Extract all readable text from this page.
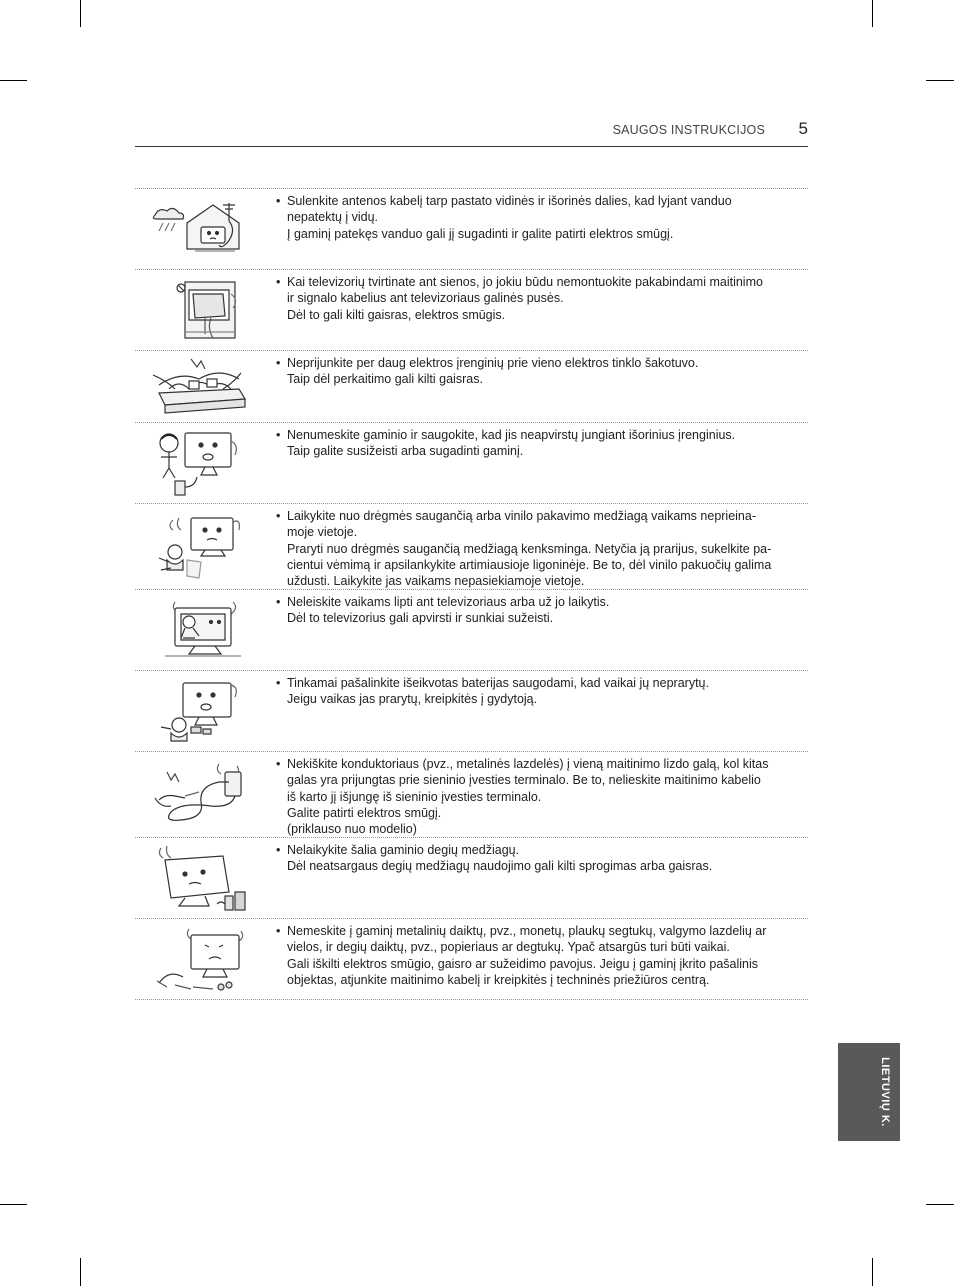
SAUGOS INSTRUKCIJOS 5
• Sulenkite antenos kabelį tarp pastato vidinės ir išorinės dalies, kad lyjant vanduo
nepatektų į vidų.
Į gaminį patekęs vanduo gali jį sugadinti ir galite patirti elektros smūgį.
• Kai televizorių tvirtinate ant sienos, jo jokiu būdu nemontuokite pakabindami maitinimo
ir signalo kabelius ant televizoriaus galinės pusės.
Dėl to gali kilti gaisras, elektros smūgis.
• Neprijunkite per daug elektros įrenginių prie vieno elektros tinklo šakotuvo.
Taip dėl perkaitimo gali kilti gaisras.
• Nenumeskite gaminio ir saugokite, kad jis neapvirstų jungiant išorinius įrenginius.
Taip galite susižeisti arba sugadinti gaminį.
• Laikykite nuo drėgmės saugančią arba vinilo pakavimo medžiagą vaikams neprieina-
moje vietoje.
Praryti nuo drėgmės saugančią medžiagą kenksminga. Netyčia ją prarijus, sukelkite pa-
cientui vėmimą ir apsilankykite artimiausioje ligoninėje. Be to, dėl vinilo pakuočių galima
uždusti. Laikykite jas vaikams nepasiekiamoje vietoje.
• Neleiskite vaikams lipti ant televizoriaus arba už jo laikytis.
Dėl to televizorius gali apvirsti ir sunkiai sužeisti.
• Tinkamai pašalinkite išeikvotas baterijas saugodami, kad vaikai jų neprarytų.
Jeigu vaikas jas prarytų, kreipkitės į gydytoją.
• Nekiškite konduktoriaus (pvz., metalinės lazdelės) į vieną maitinimo lizdo galą, kol kitas
galas yra prijungtas prie sieninio įvesties terminalo. Be to, nelieskite maitinimo kabelio
iš karto jį išjungę iš sieninio įvesties terminalo.
Galite patirti elektros smūgį.
(priklauso nuo modelio)
• Nelaikykite šalia gaminio degių medžiagų.
Dėl neatsargaus degių medžiagų naudojimo gali kilti sprogimas arba gaisras.
• Nemeskite į gaminį metalinių daiktų, pvz., monetų, plaukų segtukų, valgymo lazdelių ar
vielos, ir degių daiktų, pvz., popieriaus ar degtukų. Ypač atsargūs turi būti vaikai.
Gali iškilti elektros smūgio, gaisro ar sužeidimo pavojus. Jeigu į gaminį įkrito pašalinis
objektas, atjunkite maitinimo kabelį ir kreipkitės į techninės priežiūros centrą.
LIETUVIŲ K.
